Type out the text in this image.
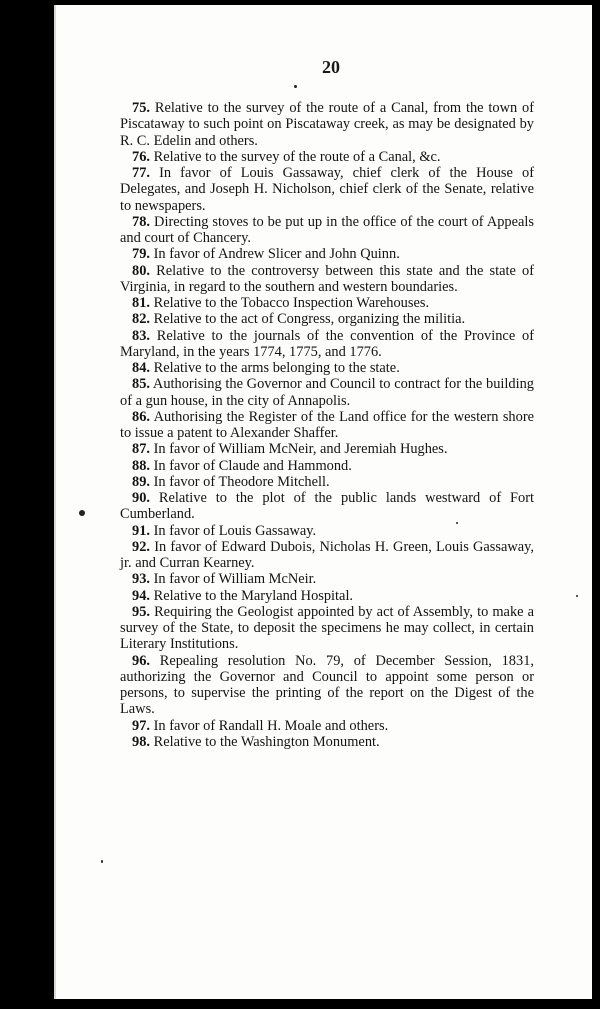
20

75. Relative to the survey of the route of a Canal, from the town of Piscataway to such point on Piscataway creek, as may be designated by R. C. Edelin and others.

76. Relative to the survey of the route of a Canal, &c.

77. In favor of Louis Gassaway, chief clerk of the House of Delegates, and Joseph H. Nicholson, chief clerk of the Senate, relative to newspapers.

78. Directing stoves to be put up in the office of the court of Appeals and court of Chancery.

79. In favor of Andrew Slicer and John Quinn.

80. Relative to the controversy between this state and the state of Virginia, in regard to the southern and western boundaries.

81. Relative to the Tobacco Inspection Warehouses.

82. Relative to the act of Congress, organizing the militia.

83. Relative to the journals of the convention of the Province of Maryland, in the years 1774, 1775, and 1776.

84. Relative to the arms belonging to the state.

85. Authorising the Governor and Council to contract for the building of a gun house, in the city of Annapolis.

86. Authorising the Register of the Land office for the western shore to issue a patent to Alexander Shaffer.

87. In favor of William McNeir, and Jeremiah Hughes.

88. In favor of Claude and Hammond.

89. In favor of Theodore Mitchell.

90. Relative to the plot of the public lands westward of Fort Cumberland.

91. In favor of Louis Gassaway.

92. In favor of Edward Dubois, Nicholas H. Green, Louis Gassaway, jr. and Curran Kearney.

93. In favor of William McNeir.

94. Relative to the Maryland Hospital.

95. Requiring the Geologist appointed by act of Assembly, to make a survey of the State, to deposit the specimens he may collect, in certain Literary Institutions.

96. Repealing resolution No. 79, of December Session, 1831, authorizing the Governor and Council to appoint some person or persons, to supervise the printing of the report on the Digest of the Laws.

97. In favor of Randall H. Moale and others.

98. Relative to the Washington Monument.
